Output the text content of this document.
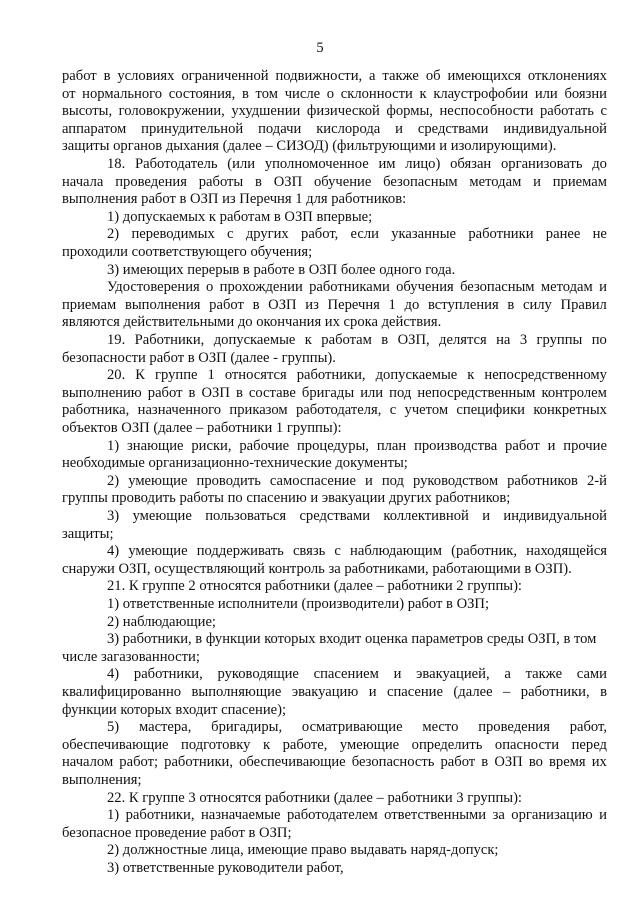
5
работ в условиях ограниченной подвижности, а также об имеющихся отклонениях
от нормального состояния, в том числе о склонности к клаустрофобии или боязни
высоты, головокружении, ухудшении физической формы, неспособности работать с
аппаратом принудительной подачи кислорода и средствами индивидуальной
защиты органов дыхания (далее – СИЗОД) (фильтрующими и изолирующими).
18. Работодатель (или уполномоченное им лицо) обязан организовать до
начала проведения работы в ОЗП обучение безопасным методам и приемам
выполнения работ в ОЗП из Перечня 1 для работников:
1) допускаемых к работам в ОЗП впервые;
2) переводимых с других работ, если указанные работники ранее не
проходили соответствующего обучения;
3) имеющих перерыв в работе в ОЗП более одного года.
Удостоверения о прохождении работниками обучения безопасным методам и
приемам выполнения работ в ОЗП из Перечня 1 до вступления в силу Правил
являются действительными до окончания их срока действия.
19. Работники, допускаемые к работам в ОЗП, делятся на 3 группы по
безопасности работ в ОЗП (далее - группы).
20. К группе 1 относятся работники, допускаемые к непосредственному
выполнению работ в ОЗП в составе бригады или под непосредственным контролем
работника, назначенного приказом работодателя, с учетом специфики конкретных
объектов ОЗП (далее – работники 1 группы):
1) знающие риски, рабочие процедуры, план производства работ и прочие
необходимые организационно-технические документы;
2) умеющие проводить самоспасение и под руководством работников 2-й
группы проводить работы по спасению и эвакуации других работников;
3) умеющие пользоваться средствами коллективной и индивидуальной
защиты;
4) умеющие поддерживать связь с наблюдающим (работник, находящейся
снаружи ОЗП, осуществляющий контроль за работниками, работающими в ОЗП).
21. К группе 2 относятся работники (далее – работники 2 группы):
1) ответственные исполнители (производители) работ в ОЗП;
2) наблюдающие;
3) работники, в функции которых входит оценка параметров среды ОЗП, в том
числе загазованности;
4) работники, руководящие спасением и эвакуацией, а также сами
квалифицированно выполняющие эвакуацию и спасение (далее – работники, в
функции которых входит спасение);
5) мастера, бригадиры, осматривающие место проведения работ,
обеспечивающие подготовку к работе, умеющие определить опасности перед
началом работ; работники, обеспечивающие безопасность работ в ОЗП во время их
выполнения;
22. К группе 3 относятся работники (далее – работники 3 группы):
1) работники, назначаемые работодателем ответственными за организацию и
безопасное проведение работ в ОЗП;
2) должностные лица, имеющие право выдавать наряд-допуск;
3) ответственные руководители работ,
